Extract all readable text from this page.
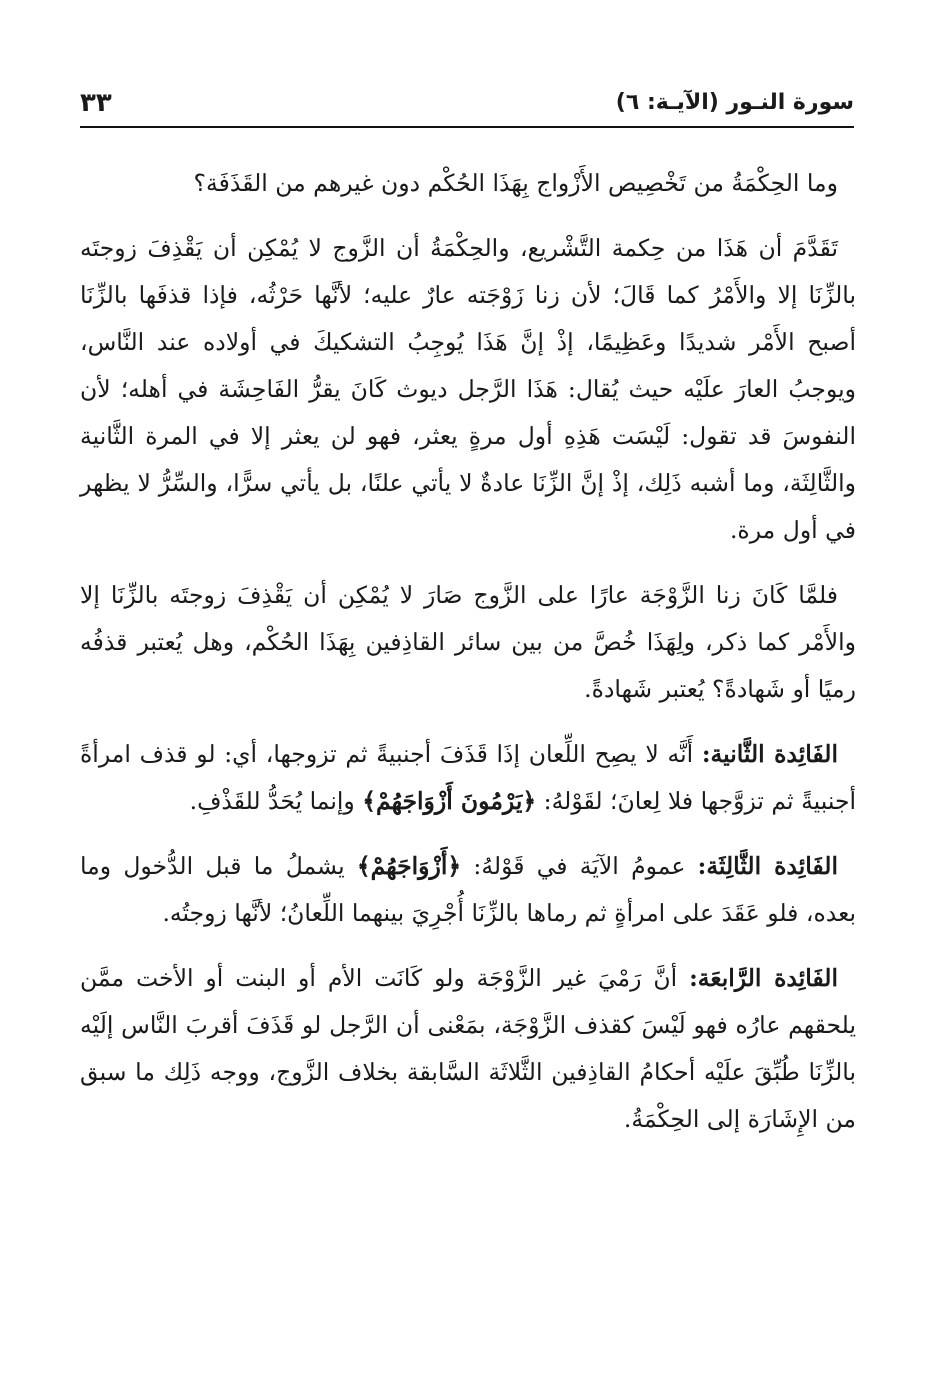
٣٣	سورة النـور (الآيـة: ٦)

وما الحِكْمَةُ من تَخْصِيص الأَزْواج بِهَذَا الحُكْم دون غيرهم من القَذَفَة؟

تَقَدَّمَ أن هَذَا من حِكمة التَّشْريع، والحِكْمَةُ أن الزَّوج لا يُمْكِن أن يَقْذِفَ زوجتَه بالزِّنَا إلا والأَمْرُ كما قَالَ؛ لأن زنا زَوْجَته عارٌ عليه؛ لأنَّها حَرْثُه، فإذا قذفَها بالزِّنَا أصبح الأَمْر شديدًا وعَظِيمًا، إذْ إنَّ هَذَا يُوجِبُ التشكيكَ في أولاده عند النَّاس، ويوجبُ العارَ علَيْه حيث يُقال: هَذَا الرَّجل ديوث كَانَ يقرُّ الفَاحِشَة في أهله؛ لأن النفوسَ قد تقول: لَيْسَت هَذِهِ أول مرةٍ يعثر، فهو لن يعثر إلا في المرة الثَّانية والثَّالِثَة، وما أشبه ذَلِك، إذْ إنَّ الزِّنَا عادةٌ لا يأتي علنًا، بل يأتي سرًّا، والسِّرُّ لا يظهر في أول مرة.

فلمَّا كَانَ زنا الزَّوْجَة عارًا على الزَّوج صَارَ لا يُمْكِن أن يَقْذِفَ زوجتَه بالزِّنَا إلا والأَمْر كما ذكر، ولِهَذَا خُصَّ من بين سائر القاذِفين بِهَذَا الحُكْم، وهل يُعتبر قذفُه رميًا أو شَهادةً؟ يُعتبر شَهادةً.

الفَائِدة الثَّانية: أَنَّه لا يصِح اللِّعان إذَا قَذَفَ أجنبيةً ثم تزوجها، أي: لو قذف امرأةً أجنبيةً ثم تزوَّجها فلا لِعانَ؛ لقَوْلهُ: ﴿يَرْمُونَ أَزْوَاجَهُمْ﴾ وإنما يُحَدُّ للقَذْفِ.

الفَائِدة الثَّالِثَة: عمومُ الآيَة في قَوْلهُ: ﴿أَزْوَاجَهُمْ﴾ يشملُ ما قبل الدُّخول وما بعده، فلو عَقَدَ على امرأةٍ ثم رماها بالزِّنَا أُجْرِيَ بينهما اللِّعانُ؛ لأنَّها زوجتُه.

الفَائِدة الرَّابعَة: أنَّ رَمْيَ غير الزَّوْجَة ولو كَانَت الأم أو البنت أو الأخت ممَّن يلحقهم عارُه فهو لَيْسَ كقذف الزَّوْجَة، بمَعْنى أن الرَّجل لو قَذَفَ أقربَ النَّاس إلَيْه بالزِّنَا طُبِّقَ علَيْه أحكامُ القاذِفين الثَّلاثَة السَّابقة بخلاف الزَّوج، ووجه ذَلِك ما سبق من الإِشَارَة إلى الحِكْمَةُ.
